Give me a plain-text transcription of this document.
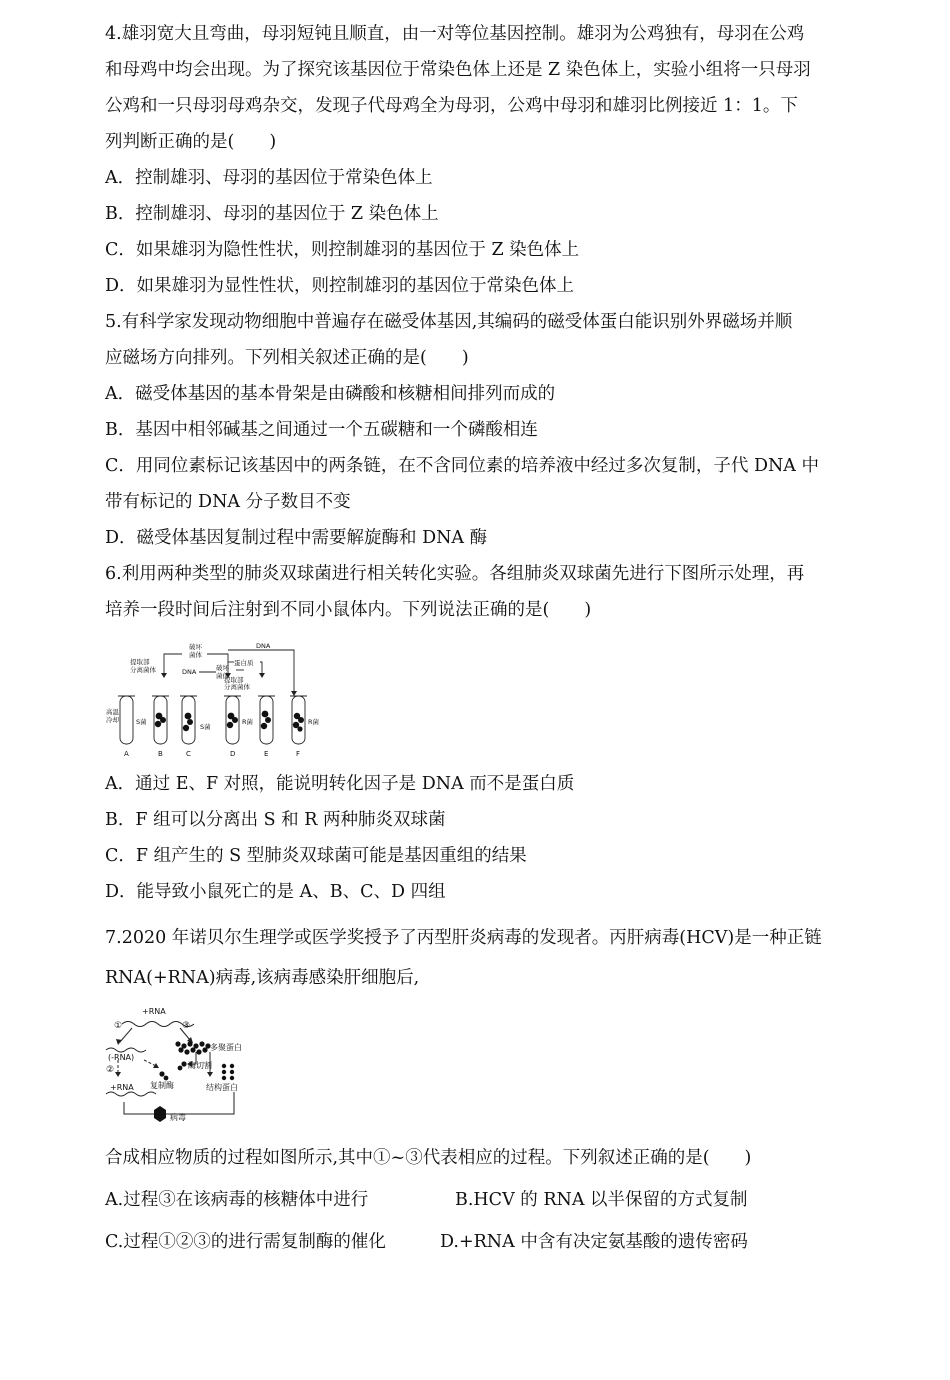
4.雄羽宽大且弯曲，母羽短钝且顺直，由一对等位基因控制。雄羽为公鸡独有，母羽在公鸡
和母鸡中均会出现。为了探究该基因位于常染色体上还是 Z 染色体上，实验小组将一只母羽
公鸡和一只母羽母鸡杂交，发现子代母鸡全为母羽，公鸡中母羽和雄羽比例接近 1：1。下
列判断正确的是(　　)
A．控制雄羽、母羽的基因位于常染色体上
B．控制雄羽、母羽的基因位于 Z 染色体上
C．如果雄羽为隐性性状，则控制雄羽的基因位于 Z 染色体上
D．如果雄羽为显性性状，则控制雄羽的基因位于常染色体上
5.有科学家发现动物细胞中普遍存在磁受体基因,其编码的磁受体蛋白能识别外界磁场并顺
应磁场方向排列。下列相关叙述正确的是(　　)
A．磁受体基因的基本骨架是由磷酸和核糖相间排列而成的
B．基因中相邻碱基之间通过一个五碳糖和一个磷酸相连
C．用同位素标记该基因中的两条链，在不含同位素的培养液中经过多次复制，子代 DNA 中
带有标记的 DNA 分子数目不变
D．磁受体基因复制过程中需要解旋酶和 DNA 酶
6.利用两种类型的肺炎双球菌进行相关转化实验。各组肺炎双球菌先进行下图所示处理，再
培养一段时间后注射到不同小鼠体内。下列说法正确的是(　　)
破坏
菌体
DNA
蛋白质
提取部
分离菌体	DNA	破坏
菌体
提取部
分离菌体
高温
冷却	S菌
S菌
R菌	R菌
A	B	C	D	E	F
A．通过 E、F 对照，能说明转化因子是 DNA 而不是蛋白质
B．F 组可以分离出 S 和 R 两种肺炎双球菌
C．F 组产生的 S 型肺炎双球菌可能是基因重组的结果
D．能导致小鼠死亡的是 A、B、C、D 四组
7.2020 年诺贝尔生理学或医学奖授予了丙型肝炎病毒的发现者。丙肝病毒(HCV)是一种正链
RNA(+RNA)病毒,该病毒感染肝细胞后,
+RNA
①	③
多聚蛋白
(-RNA)
②	酶切割
+RNA 复制酶	结构蛋白
病毒
合成相应物质的过程如图所示,其中①~③代表相应的过程。下列叙述正确的是(　　)
A.过程③在该病毒的核糖体中进行	B.HCV 的 RNA 以半保留的方式复制
C.过程①②③的进行需复制酶的催化	D.+RNA 中含有决定氨基酸的遗传密码
